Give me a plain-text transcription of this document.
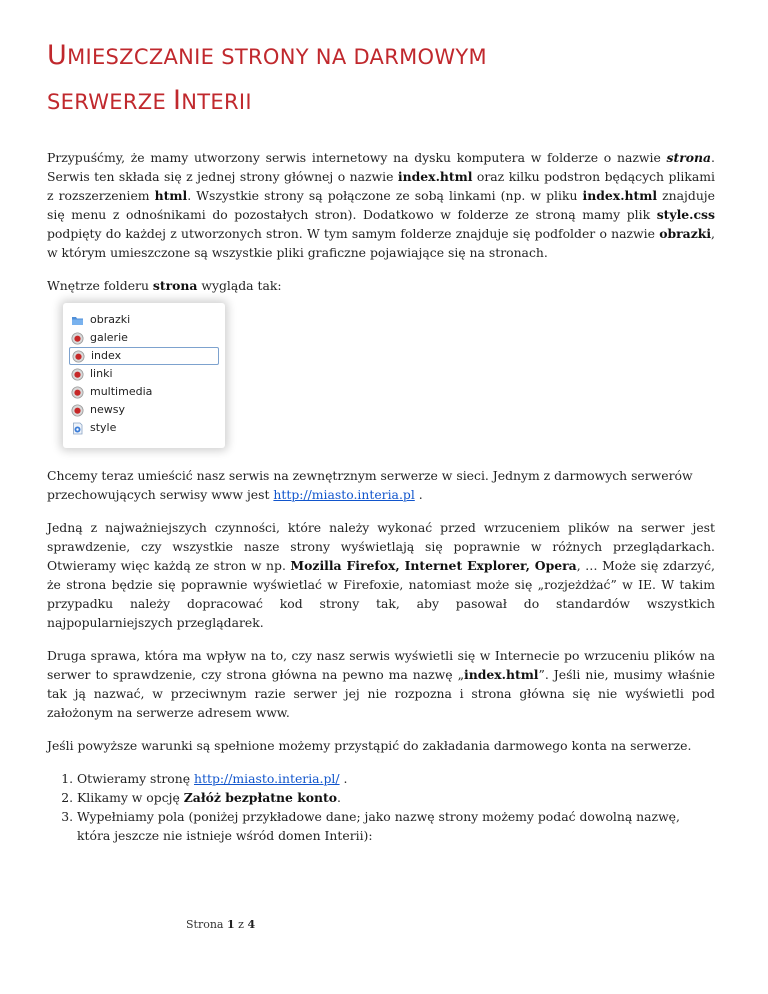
UMIESZCZANIE STRONY NA DARMOWYM
SERWERZE INTERII

Przypuśćmy, że mamy utworzony serwis internetowy na dysku komputera w folderze o nazwie strona. Serwis ten składa się z jednej strony głównej o nazwie index.html oraz kilku podstron będących plikami z rozszerzeniem html. Wszystkie strony są połączone ze sobą linkami (np. w pliku index.html znajduje się menu z odnośnikami do pozostałych stron). Dodatkowo w folderze ze stroną mamy plik style.css podpięty do każdej z utworzonych stron. W tym samym folderze znajduje się podfolder o nazwie obrazki, w którym umieszczone są wszystkie pliki graficzne pojawiające się na stronach.

Wnętrze folderu strona wygląda tak:

obrazki
galerie
index
linki
multimedia
newsy
style

Chcemy teraz umieścić nasz serwis na zewnętrznym serwerze w sieci. Jednym z darmowych serwerów przechowujących serwisy www jest http://miasto.interia.pl .

Jedną z najważniejszych czynności, które należy wykonać przed wrzuceniem plików na serwer jest sprawdzenie, czy wszystkie nasze strony wyświetlają się poprawnie w różnych przeglądarkach. Otwieramy więc każdą ze stron w np. Mozilla Firefox, Internet Explorer, Opera, … Może się zdarzyć, że strona będzie się poprawnie wyświetlać w Firefoxie, natomiast może się „rozjeżdżać” w IE. W takim przypadku należy dopracować kod strony tak, aby pasował do standardów wszystkich najpopularniejszych przeglądarek.

Druga sprawa, która ma wpływ na to, czy nasz serwis wyświetli się w Internecie po wrzuceniu plików na serwer to sprawdzenie, czy strona główna na pewno ma nazwę „index.html”. Jeśli nie, musimy właśnie tak ją nazwać, w przeciwnym razie serwer jej nie rozpozna i strona główna się nie wyświetli pod założonym na serwerze adresem www.

Jeśli powyższe warunki są spełnione możemy przystąpić do zakładania darmowego konta na serwerze.

1. Otwieramy stronę http://miasto.interia.pl/ .
2. Klikamy w opcję Załóż bezpłatne konto.
3. Wypełniamy pola (poniżej przykładowe dane; jako nazwę strony możemy podać dowolną nazwę, która jeszcze nie istnieje wśród domen Interii):
Strona 1 z 4
